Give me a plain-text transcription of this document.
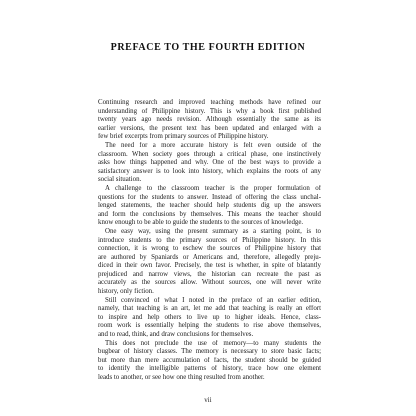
PREFACE TO THE FOURTH EDITION
Continuing research and improved teaching methods have refined our
understanding of Philippine history. This is why a book first published
twenty years ago needs revision. Although essentially the same as its
earlier versions, the present text has been updated and enlarged with a
few brief excerpts from primary sources of Philippine history.
The need for a more accurate history is felt even outside of the
classroom. When society goes through a critical phase, one instinctively
asks how things happened and why. One of the best ways to provide a
satisfactory answer is to look into history, which explains the roots of any
social situation.
A challenge to the classroom teacher is the proper formulation of
questions for the students to answer. Instead of offering the class unchal-
lenged statements, the teacher should help students dig up the answers
and form the conclusions by themselves. This means the teacher should
know enough to be able to guide the students to the sources of knowledge.
One easy way, using the present summary as a starting point, is to
introduce students to the primary sources of Philippine history. In this
connection, it is wrong to eschew the sources of Philippine history that
are authored by Spaniards or Americans and, therefore, allegedly preju-
diced in their own favor. Precisely, the test is whether, in spite of blatantly
prejudiced and narrow views, the historian can recreate the past as
accurately as the sources allow. Without sources, one will never write
history, only fiction.
Still convinced of what I noted in the preface of an earlier edition,
namely, that teaching is an art, let me add that teaching is really an effort
to inspire and help others to live up to higher ideals. Hence, class-
room work is essentially helping the students to rise above themselves,
and to read, think, and draw conclusions for themselves.
This does not preclude the use of memory—to many students the
bugbear of history classes. The memory is necessary to store basic facts;
but more than mere accumulation of facts, the student should be guided
to identify the intelligible patterns of history, trace how one element
leads to another, or see how one thing resulted from another.
vii
